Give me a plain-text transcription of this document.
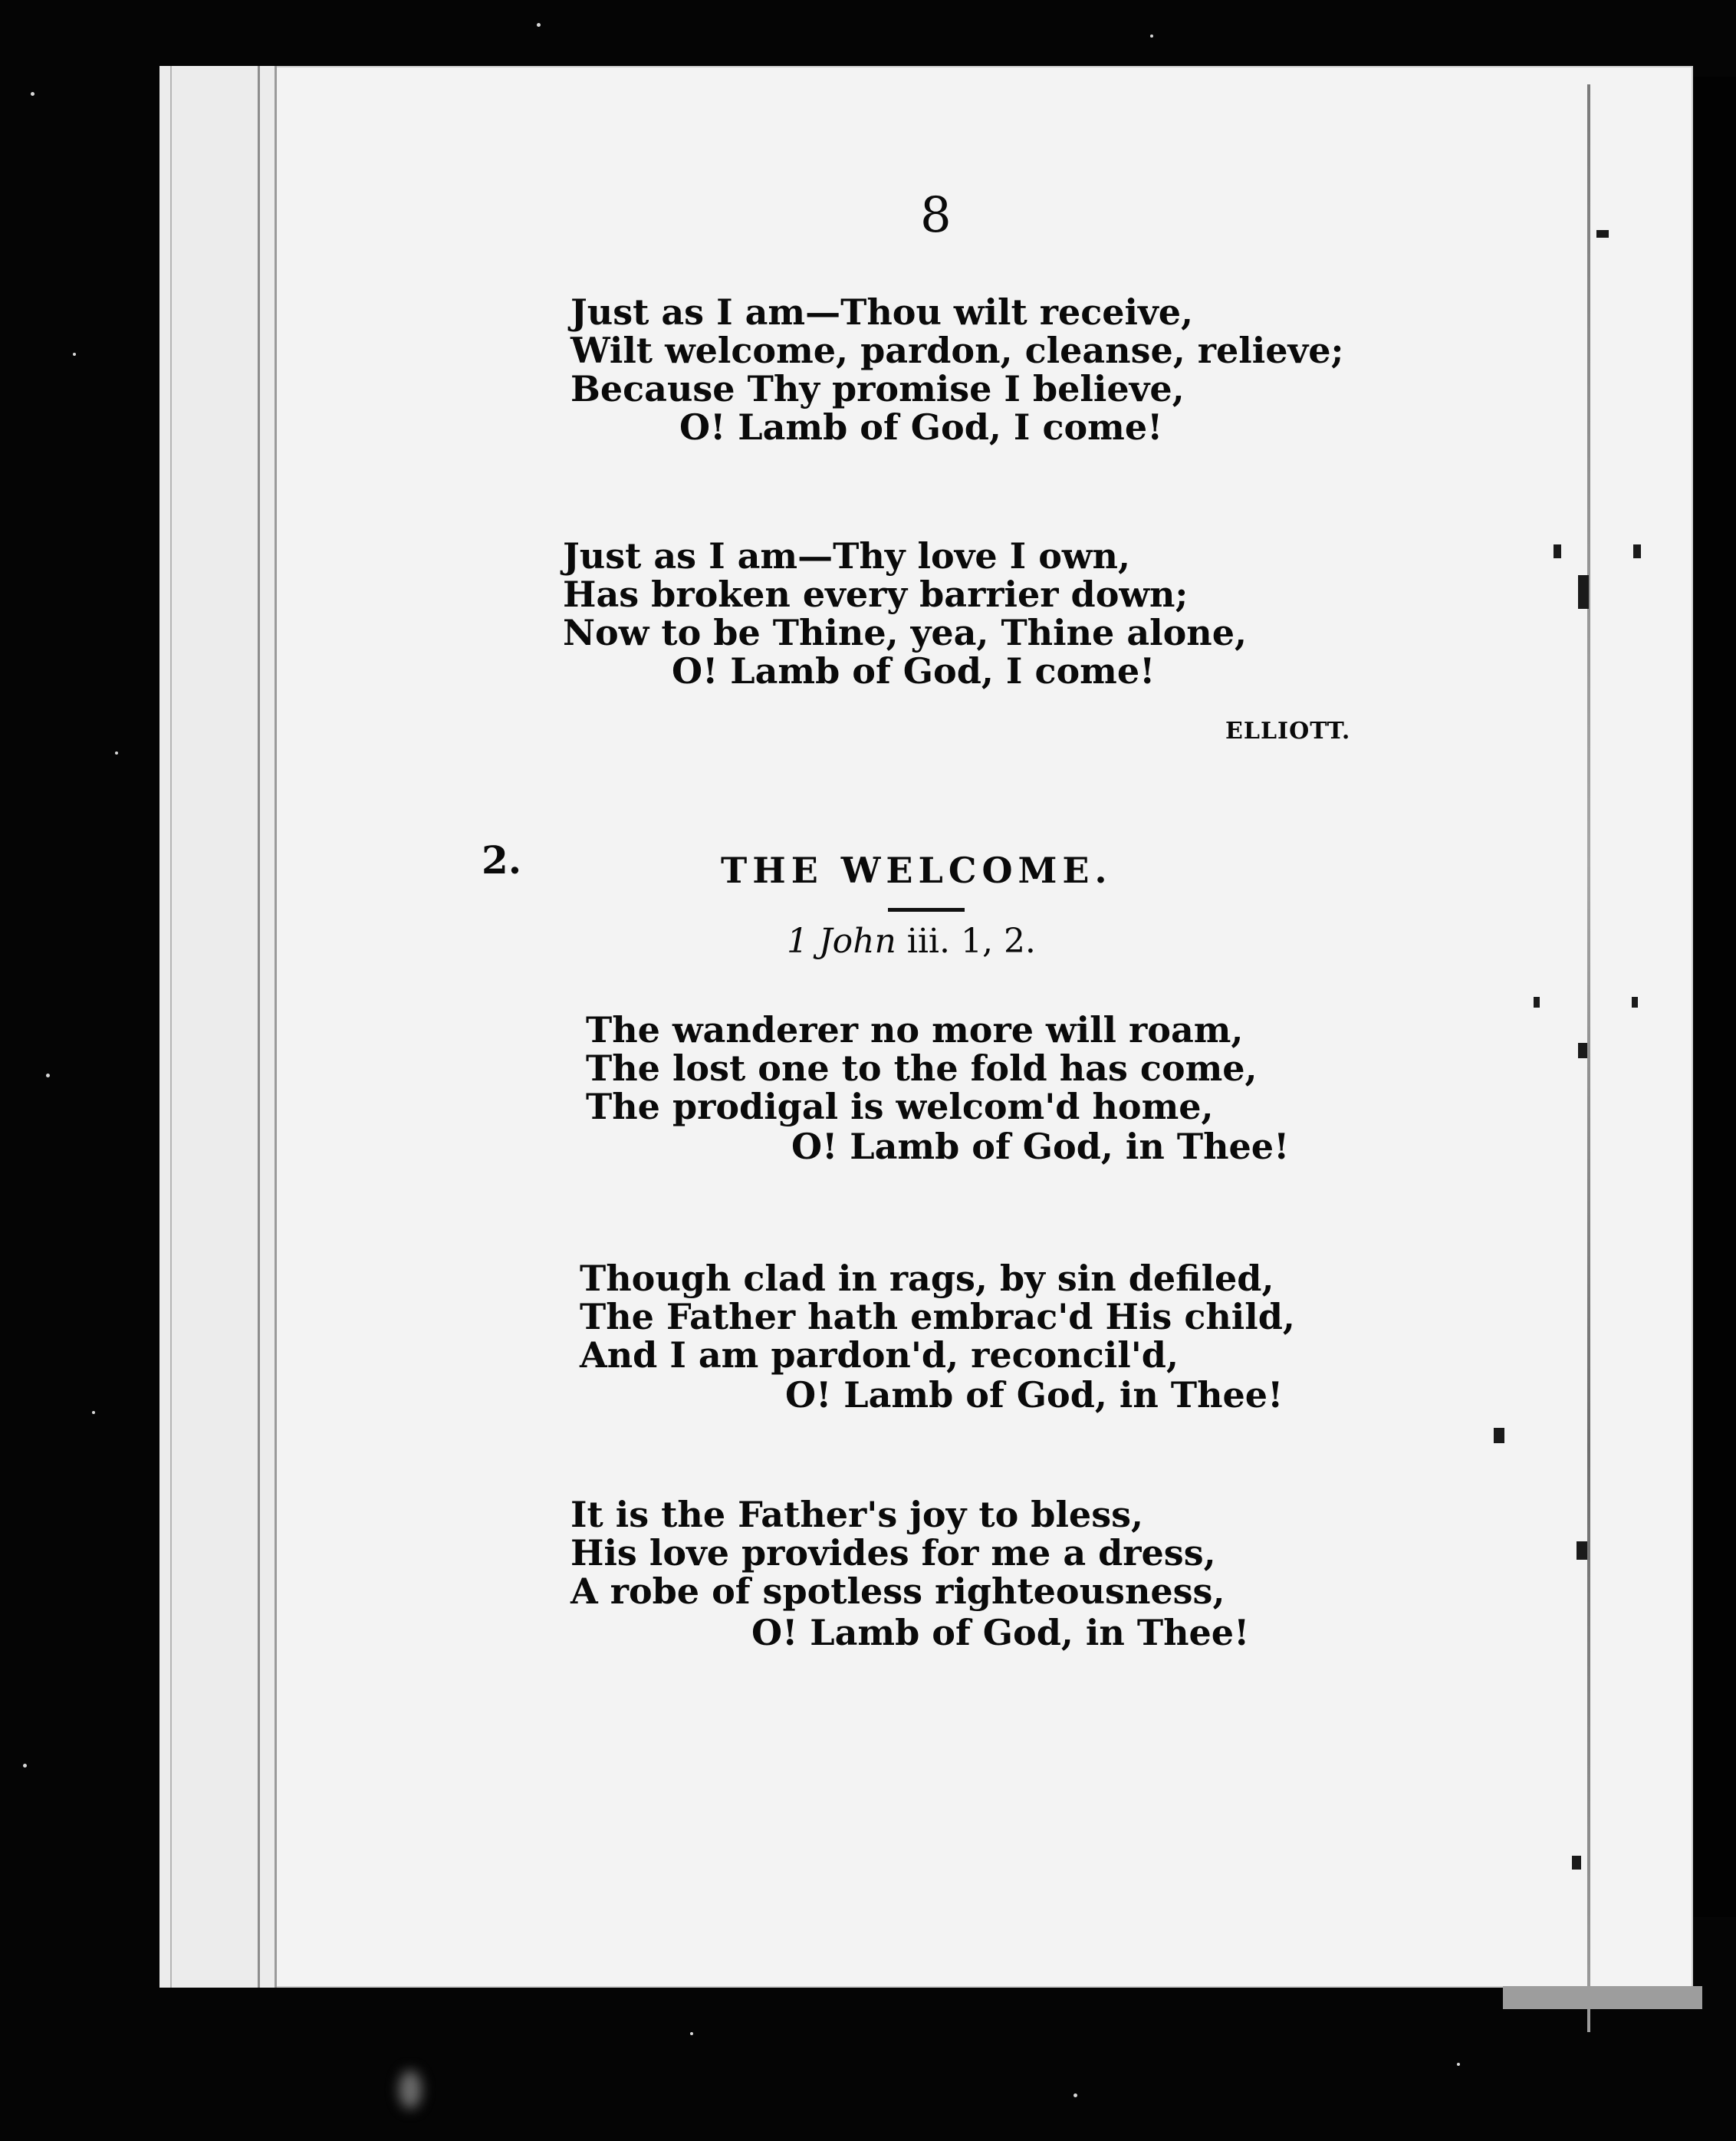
8

Just as I am—Thou wilt receive,

Wilt welcome, pardon, cleanse, relieve;

Because Thy promise I believe,

O! Lamb of God, I come!

Just as I am—Thy love I own,

Has broken every barrier down;

Now to be Thine, yea, Thine alone,

O! Lamb of God, I come!

ELLIOTT.
2.	THE WELCOME.
1 John iii. 1, 2.

The wanderer no more will roam,

The lost one to the fold has come,

The prodigal is welcom'd home,

O! Lamb of God, in Thee!

Though clad in rags, by sin defiled,

The Father hath embrac'd His child,

And I am pardon'd, reconcil'd,

O! Lamb of God, in Thee!

It is the Father's joy to bless,

His love provides for me a dress,

A robe of spotless righteousness,

O! Lamb of God, in Thee!
